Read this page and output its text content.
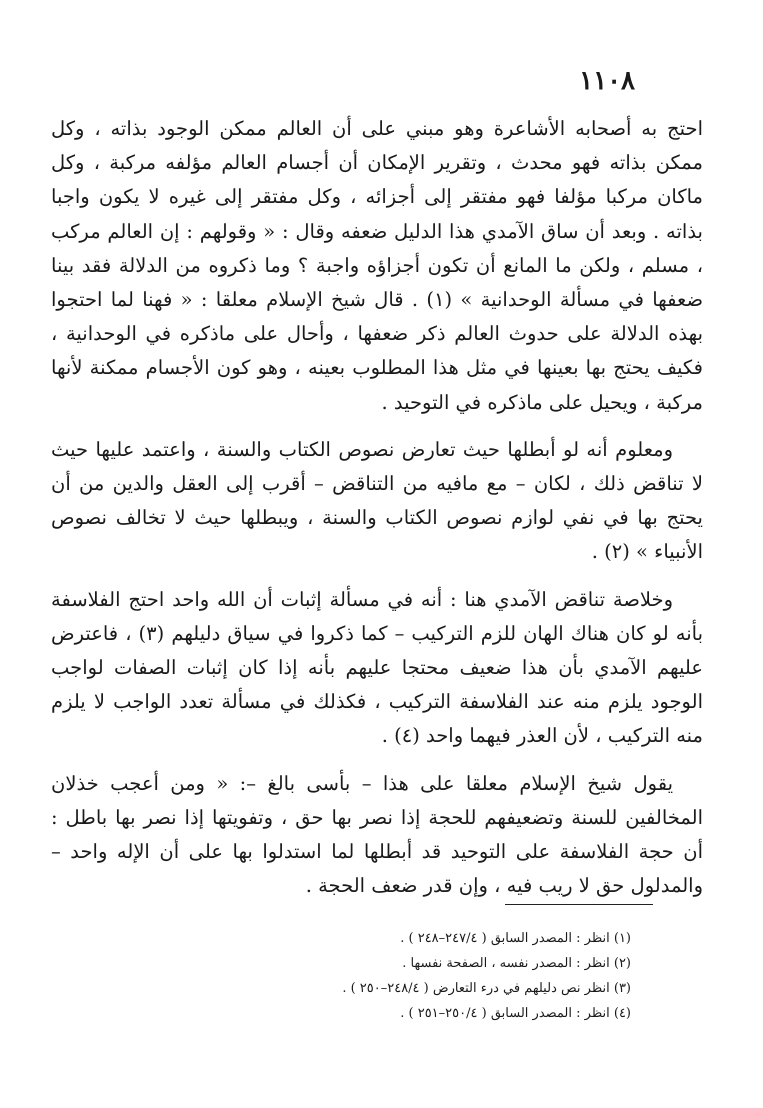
١١٠٨

احتج به أصحابه الأشاعرة وهو مبني على أن العالم ممكن الوجود بذاته ، وكل ممكن بذاته فهو محدث ، وتقرير الإمكان أن أجسام العالم مؤلفه مركبة ، وكل ماكان مركبا مؤلفا فهو مفتقر إلى أجزائه ، وكل مفتقر إلى غيره لا يكون واجبا بذاته . وبعد أن ساق الآمدي هذا الدليل ضعفه وقال : « وقولهم : إن العالم مركب ، مسلم ، ولكن ما المانع أن تكون أجزاؤه واجبة ؟ وما ذكروه من الدلالة فقد بينا ضعفها في مسألة الوحدانية » (١) . قال شيخ الإسلام معلقا : « فهنا لما احتجوا بهذه الدلالة على حدوث العالم ذكر ضعفها ، وأحال على ماذكره في الوحدانية ، فكيف يحتج بها بعينها في مثل هذا المطلوب بعينه ، وهو كون الأجسام ممكنة لأنها مركبة ، ويحيل على ماذكره في التوحيد .

ومعلوم أنه لو أبطلها حيث تعارض نصوص الكتاب والسنة ، واعتمد عليها حيث لا تناقض ذلك ، لكان – مع مافيه من التناقض – أقرب إلى العقل والدين من أن يحتج بها في نفي لوازم نصوص الكتاب والسنة ، ويبطلها حيث لا تخالف نصوص الأنبياء » (٢) .

وخلاصة تناقض الآمدي هنا : أنه في مسألة إثبات أن الله واحد احتج الفلاسفة بأنه لو كان هناك الهان للزم التركيب – كما ذكروا في سياق دليلهم (٣) ، فاعترض عليهم الآمدي بأن هذا ضعيف محتجا عليهم بأنه إذا كان إثبات الصفات لواجب الوجود يلزم منه عند الفلاسفة التركيب ، فكذلك في مسألة تعدد الواجب لا يلزم منه التركيب ، لأن العذر فيهما واحد (٤) .

يقول شيخ الإسلام معلقا على هذا – بأسى بالغ –: « ومن أعجب خذلان المخالفين للسنة وتضعيفهم للحجة إذا نصر بها حق ، وتفويتها إذا نصر بها باطل : أن حجة الفلاسفة على التوحيد قد أبطلها لما استدلوا بها على أن الإله واحد – والمدلول حق لا ريب فيه ، وإن قدر ضعف الحجة .

(١) انظر : المصدر السابق ( ٢٤٧/٤–٢٤٨ ) .
(٢) انظر : المصدر نفسه ، الصفحة نفسها .
(٣) انظر نص دليلهم في درء التعارض ( ٢٤٨/٤–٢٥٠ ) .
(٤) انظر : المصدر السابق ( ٢٥٠/٤–٢٥١ ) .
